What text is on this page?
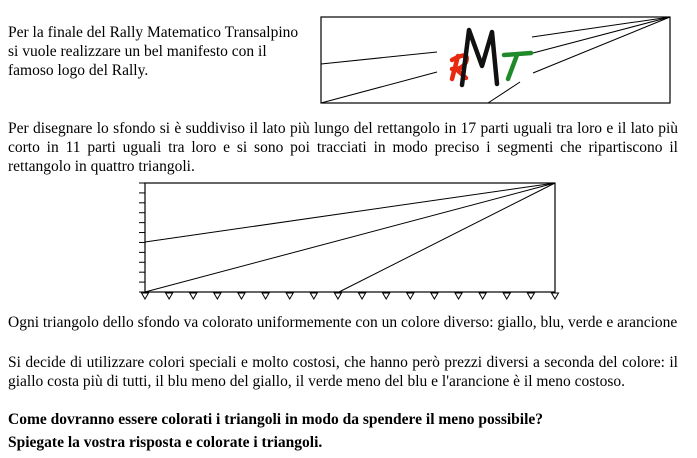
Per la finale del Rally Matematico Transalpino si vuole realizzare un bel manifesto con il famoso logo del Rally.
Per disegnare lo sfondo si è suddiviso il lato più lungo del rettangolo in 17 parti uguali tra loro e il lato più corto in 11 parti uguali tra loro e si sono poi tracciati in modo preciso i segmenti che ripartiscono il rettangolo in quattro triangoli.
Ogni triangolo dello sfondo va colorato uniformemente con un colore diverso: giallo, blu, verde e arancione
Si decide di utilizzare colori speciali e molto costosi, che hanno però prezzi diversi a seconda del colore: il giallo costa più di tutti, il blu meno del giallo, il verde meno del blu e l'arancione è il meno costoso.
Come dovranno essere colorati i triangoli in modo da spendere il meno possibile?
Spiegate la vostra risposta e colorate i triangoli.
